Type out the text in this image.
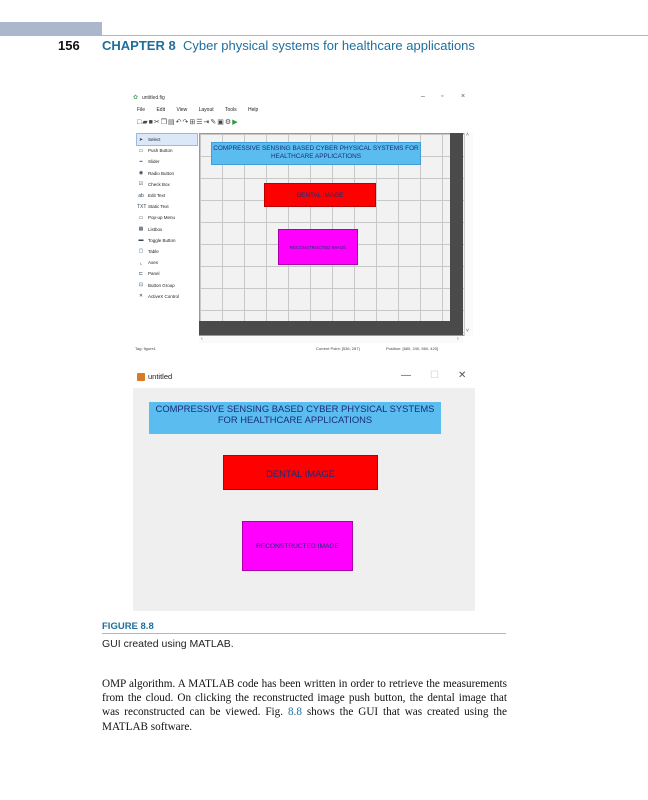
156 CHAPTER 8 Cyber physical systems for healthcare applications
✿ untitled.fig	– ▫	×
File Edit View Layout Tools Help
□▰■✂❐▤↶↷⊞☰⇥✎▣⚙▶
➤	Select
▭	Push Button
━	Slider
◉	Radio Button
☑	Check Box
ab Edit Text
TXT Static Text
▭	Pop-up Menu
▦	Listbox
▬	Toggle Button
▢	Table
⌞	Axes
⊏	Panel
⊡	Button Group
✕	ActiveX Control
˄
˅
‹	›
COMPRESSIVE SENSING BASED CYBER PHYSICAL SYSTEMS FOR HEALTHCARE APPLICATIONS
DENTAL IMAGE
RECONSTRUCTED IMAGE
Tag: figure1	Current Point: [536, 287]	Position: [680, 240, 560, 420]
untitled	— ☐ ✕
COMPRESSIVE SENSING BASED CYBER PHYSICAL SYSTEMS FOR HEALTHCARE APPLICATIONS
DENTAL IMAGE
RECONSTRUCTED IMAGE
FIGURE 8.8
GUI created using MATLAB.
OMP algorithm. A MATLAB code has been written in order to retrieve the measurements from the cloud. On clicking the reconstructed image push button, the dental image that was reconstructed can be viewed. Fig. 8.8 shows the GUI that was created using the MATLAB software.
